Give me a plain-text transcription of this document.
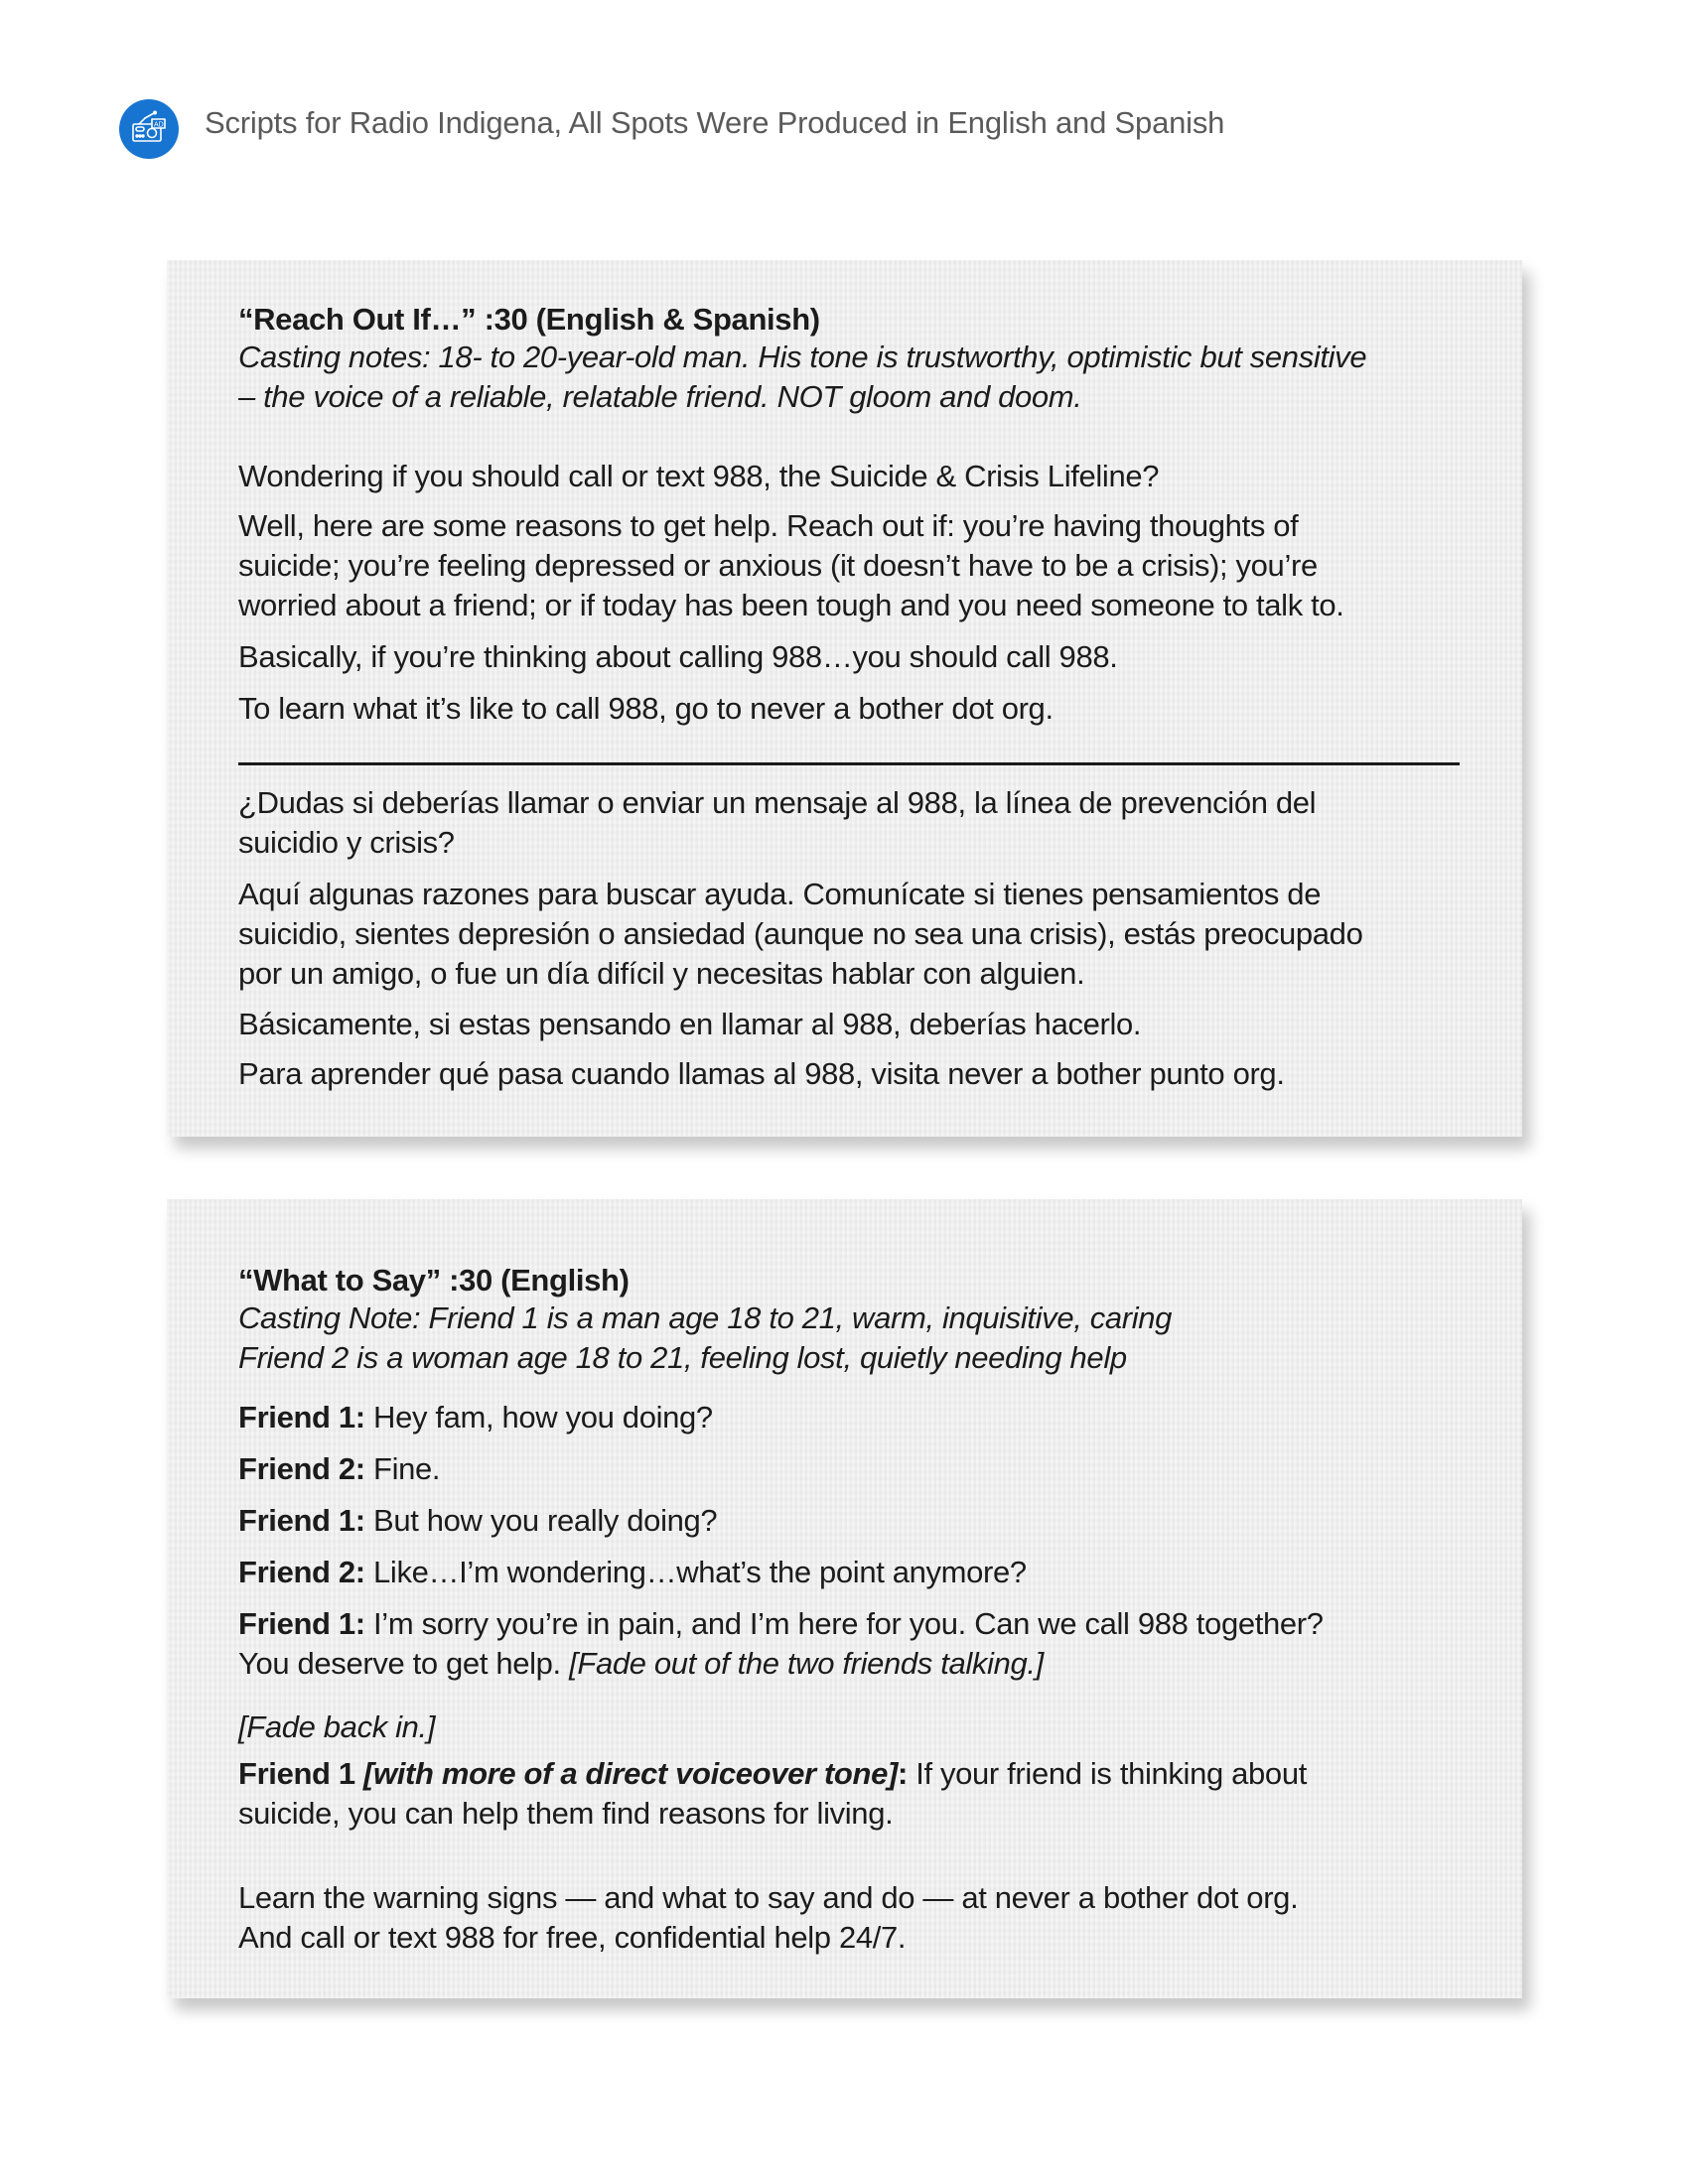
AD Scripts for Radio Indigena, All Spots Were Produced in English and Spanish
“Reach Out If…” :30 (English & Spanish)
Casting notes: 18- to 20-year-old man. His tone is trustworthy, optimistic but sensitive
– the voice of a reliable, relatable friend. NOT gloom and doom.
Wondering if you should call or text 988, the Suicide & Crisis Lifeline?
Well, here are some reasons to get help. Reach out if: you’re having thoughts of
suicide; you’re feeling depressed or anxious (it doesn’t have to be a crisis); you’re
worried about a friend; or if today has been tough and you need someone to talk to.
Basically, if you’re thinking about calling 988…you should call 988.
To learn what it’s like to call 988, go to never a bother dot org.
¿Dudas si deberías llamar o enviar un mensaje al 988, la línea de prevención del
suicidio y crisis?
Aquí algunas razones para buscar ayuda. Comunícate si tienes pensamientos de
suicidio, sientes depresión o ansiedad (aunque no sea una crisis), estás preocupado
por un amigo, o fue un día difícil y necesitas hablar con alguien.
Básicamente, si estas pensando en llamar al 988, deberías hacerlo.
Para aprender qué pasa cuando llamas al 988, visita never a bother punto org.
“What to Say” :30 (English)
Casting Note: Friend 1 is a man age 18 to 21, warm, inquisitive, caring
Friend 2 is a woman age 18 to 21, feeling lost, quietly needing help
Friend 1: Hey fam, how you doing?
Friend 2: Fine.
Friend 1: But how you really doing?
Friend 2: Like…I’m wondering…what’s the point anymore?
Friend 1: I’m sorry you’re in pain, and I’m here for you. Can we call 988 together?
You deserve to get help. [Fade out of the two friends talking.]
[Fade back in.]
Friend 1 [with more of a direct voiceover tone]: If your friend is thinking about
suicide, you can help them find reasons for living.
Learn the warning signs — and what to say and do — at never a bother dot org.
And call or text 988 for free, confidential help 24/7.
